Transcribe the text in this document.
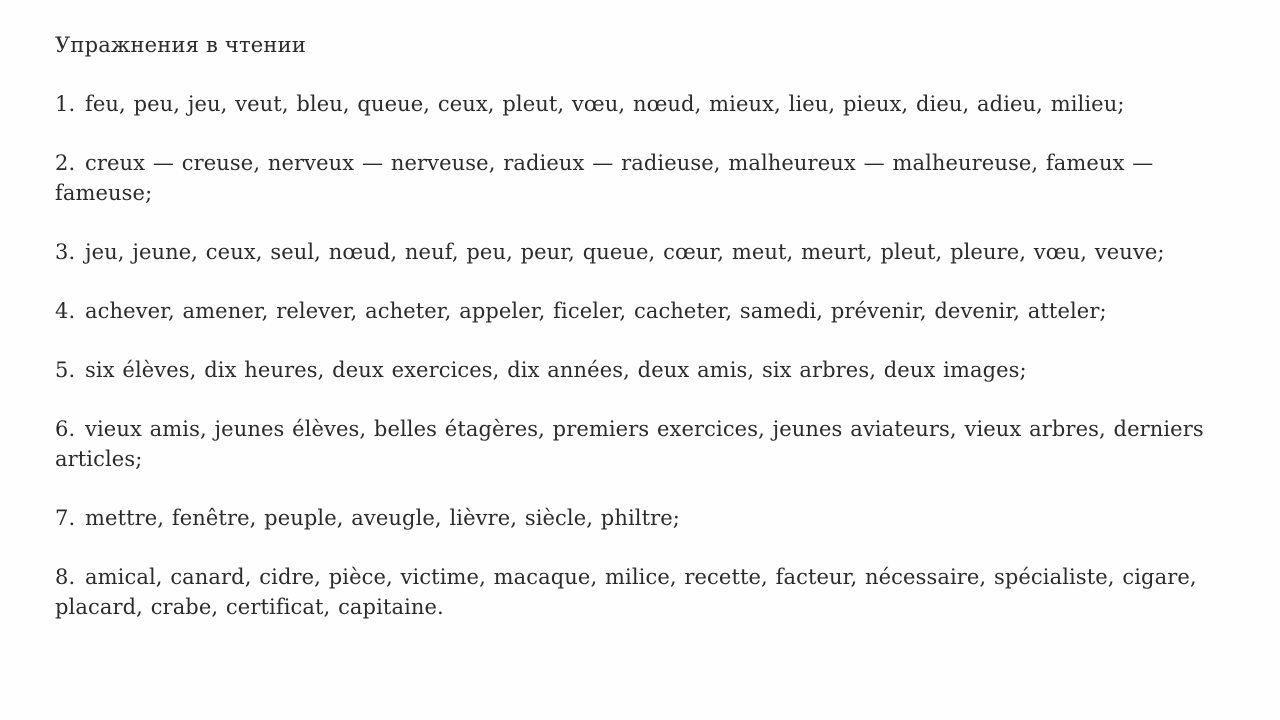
Упражнения в чтении

1. feu, peu, jeu, veut, bleu, queue, ceux, pleut, vœu, nœud, mieux, lieu, pieux, dieu, adieu, milieu;

2. creux — creuse, nerveux — nerveuse, radieux — radieuse, malheureux — malheureuse, fameux — fameuse;

3. jeu, jeune, ceux, seul, nœud, neuf, peu, peur, queue, cœur, meut, meurt, pleut, pleure, vœu, veuve;

4. achever, amener, relever, acheter, appeler, ficeler, cacheter, samedi, prévenir, devenir, atteler;

5. six élèves, dix heures, deux exercices, dix années, deux amis, six arbres, deux images;

6. vieux amis, jeunes élèves, belles étagères, premiers exercices, jeunes aviateurs, vieux arbres, derniers articles;

7. mettre, fenêtre, peuple, aveugle, lièvre, siècle, philtre;

8. amical, canard, cidre, pièce, victime, macaque, milice, recette, facteur, nécessaire, spécialiste, cigare, placard, crabe, certificat, capitaine.
